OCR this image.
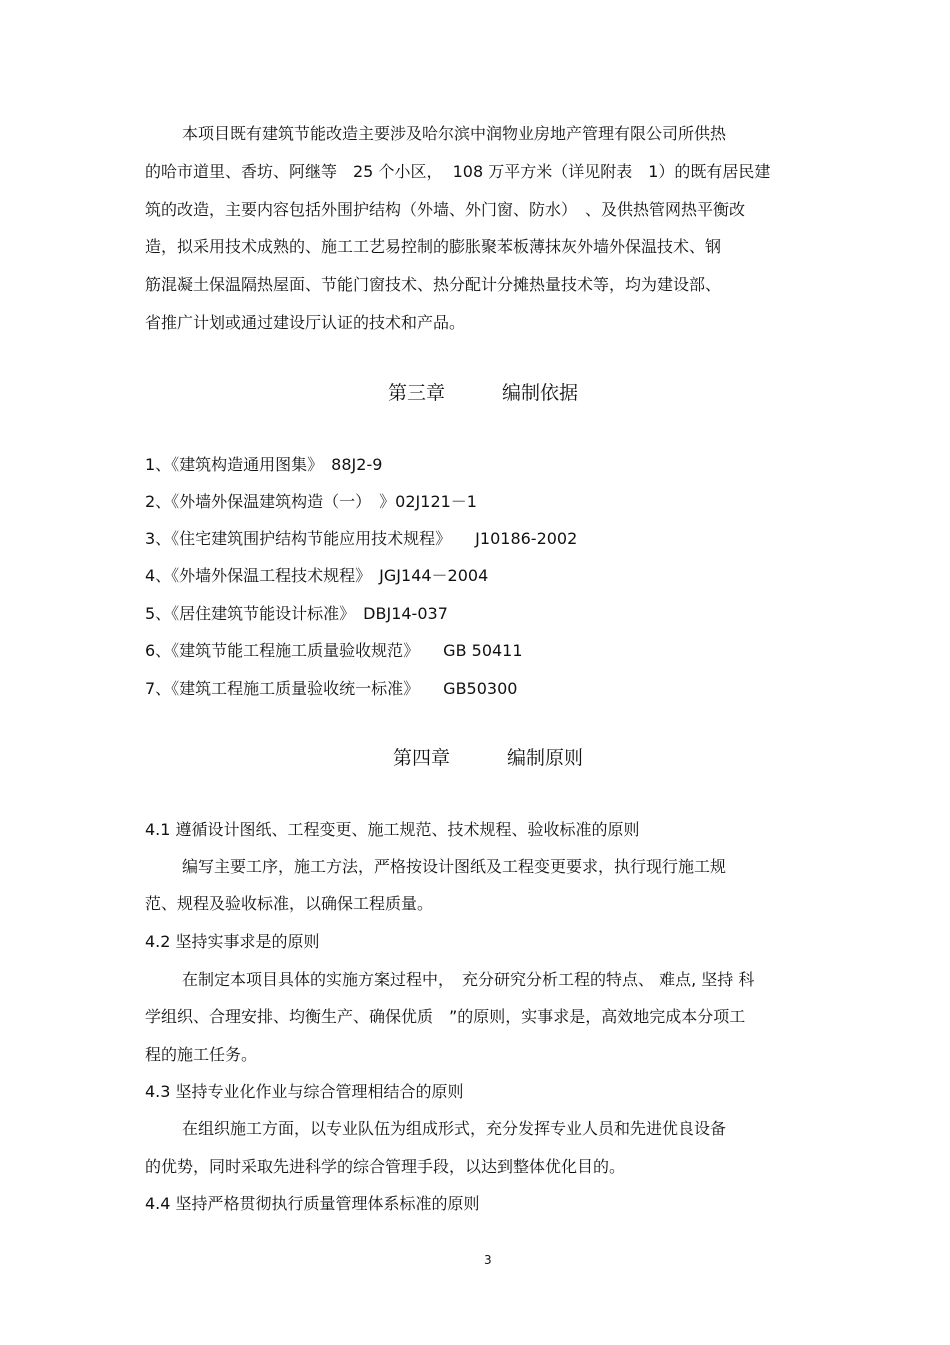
本项目既有建筑节能改造主要涉及哈尔滨中润物业房地产管理有限公司所供热
的哈市道里、香坊、阿继等　25 个小区，  108 万平方米（详见附表　1）的既有居民建
筑的改造，主要内容包括外围护结构（外墙、外门窗、防水）　、及供热管网热平衡改
造，拟采用技术成熟的、施工工艺易控制的膨胀聚苯板薄抹灰外墙外保温技术、钢
筋混凝土保温隔热屋面、节能门窗技术、热分配计分摊热量技术等，均为建设部、
省推广计划或通过建设厅认证的技术和产品。
第三章　　　编制依据
1、《建筑构造通用图集》　88J2-9
2、《外墙外保温建筑构造（一）　》02J121－1
3、《住宅建筑围护结构节能应用技术规程》　　J10186-2002
4、《外墙外保温工程技术规程》　JGJ144－2004
5、《居住建筑节能设计标准》　DBJ14-037
6、《建筑节能工程施工质量验收规范》　　GB 50411
7、《建筑工程施工质量验收统一标准》　　GB50300
第四章　　　编制原则
4.1 遵循设计图纸、工程变更、施工规范、技术规程、验收标准的原则
编写主要工序，施工方法，严格按设计图纸及工程变更要求，执行现行施工规
范、规程及验收标准，以确保工程质量。
4.2 坚持实事求是的原则
在制定本项目具体的实施方案过程中，　充分研究分析工程的特点、 难点, 坚持 科
学组织、合理安排、均衡生产、确保优质　”的原则，实事求是，高效地完成本分项工
程的施工任务。
4.3 坚持专业化作业与综合管理相结合的原则
在组织施工方面，以专业队伍为组成形式，充分发挥专业人员和先进优良设备
的优势，同时采取先进科学的综合管理手段，以达到整体优化目的。
4.4 坚持严格贯彻执行质量管理体系标准的原则
3
